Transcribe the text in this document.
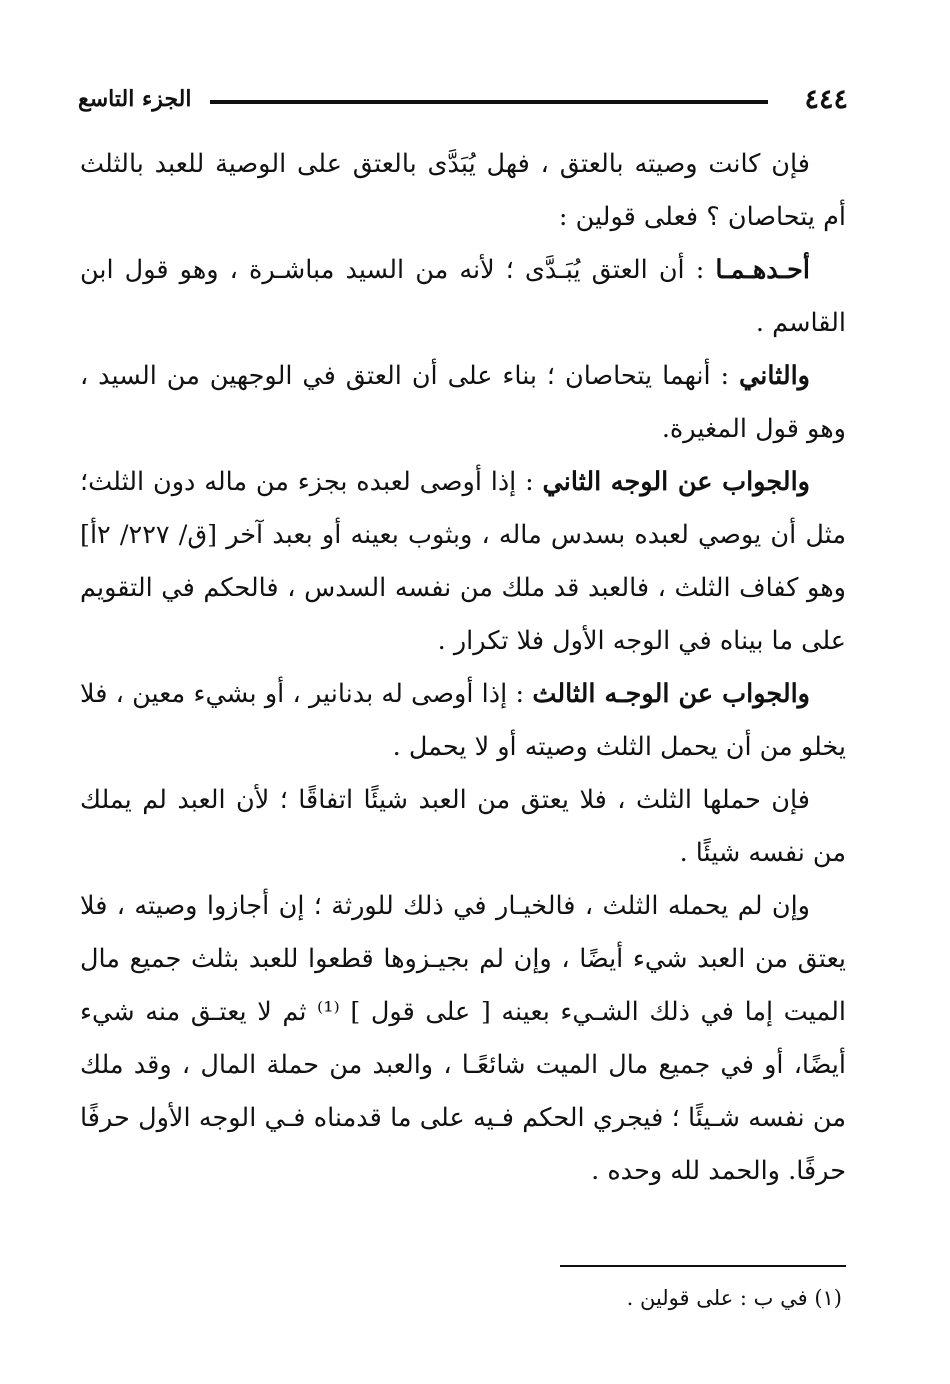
٤٤٤
الجزء التاسع

فإن كانت وصيته بالعتق ، فهل يُبَدَّى بالعتق على الوصية للعبد بالثلث أم يتحاصان ؟ فعلى قولين :

أحـدهـمـا : أن العتق يُبَـدَّى ؛ لأنه من السيد مباشـرة ، وهو قول ابن القاسم .

والثاني : أنهما يتحاصان ؛ بناء على أن العتق في الوجهين من السيد ، وهو قول المغيرة.

والجواب عن الوجه الثاني : إذا أوصى لعبده بجزء من ماله دون الثلث؛ مثل أن يوصي لعبده بسدس ماله ، وبثوب بعينه أو بعبد آخر [ق/ ٢٢٧/ ٢أ] وهو كفاف الثلث ، فالعبد قد ملك من نفسه السدس ، فالحكم في التقويم على ما بيناه في الوجه الأول فلا تكرار .

والجواب عن الوجـه الثالث : إذا أوصى له بدنانير ، أو بشيء معين ، فلا يخلو من أن يحمل الثلث وصيته أو لا يحمل .

فإن حملها الثلث ، فلا يعتق من العبد شيئًا اتفاقًا ؛ لأن العبد لم يملك من نفسه شيئًا .

وإن لم يحمله الثلث ، فالخيـار في ذلك للورثة ؛ إن أجازوا وصيته ، فلا يعتق من العبد شيء أيضًا ، وإن لم بجيـزوها قطعوا للعبد بثلث جميع مال الميت إما في ذلك الشـيء بعينه [ على قول ] ⁽¹⁾ ثم لا يعتـق منه شيء أيضًا، أو في جميع مال الميت شائعًـا ، والعبد من حملة المال ، وقد ملك من نفسه شـيئًا ؛ فيجري الحكم فـيه على ما قدمناه فـي الوجه الأول حرفًا حرفًا. والحمد لله وحده .

(١) في ب : على قولين .
